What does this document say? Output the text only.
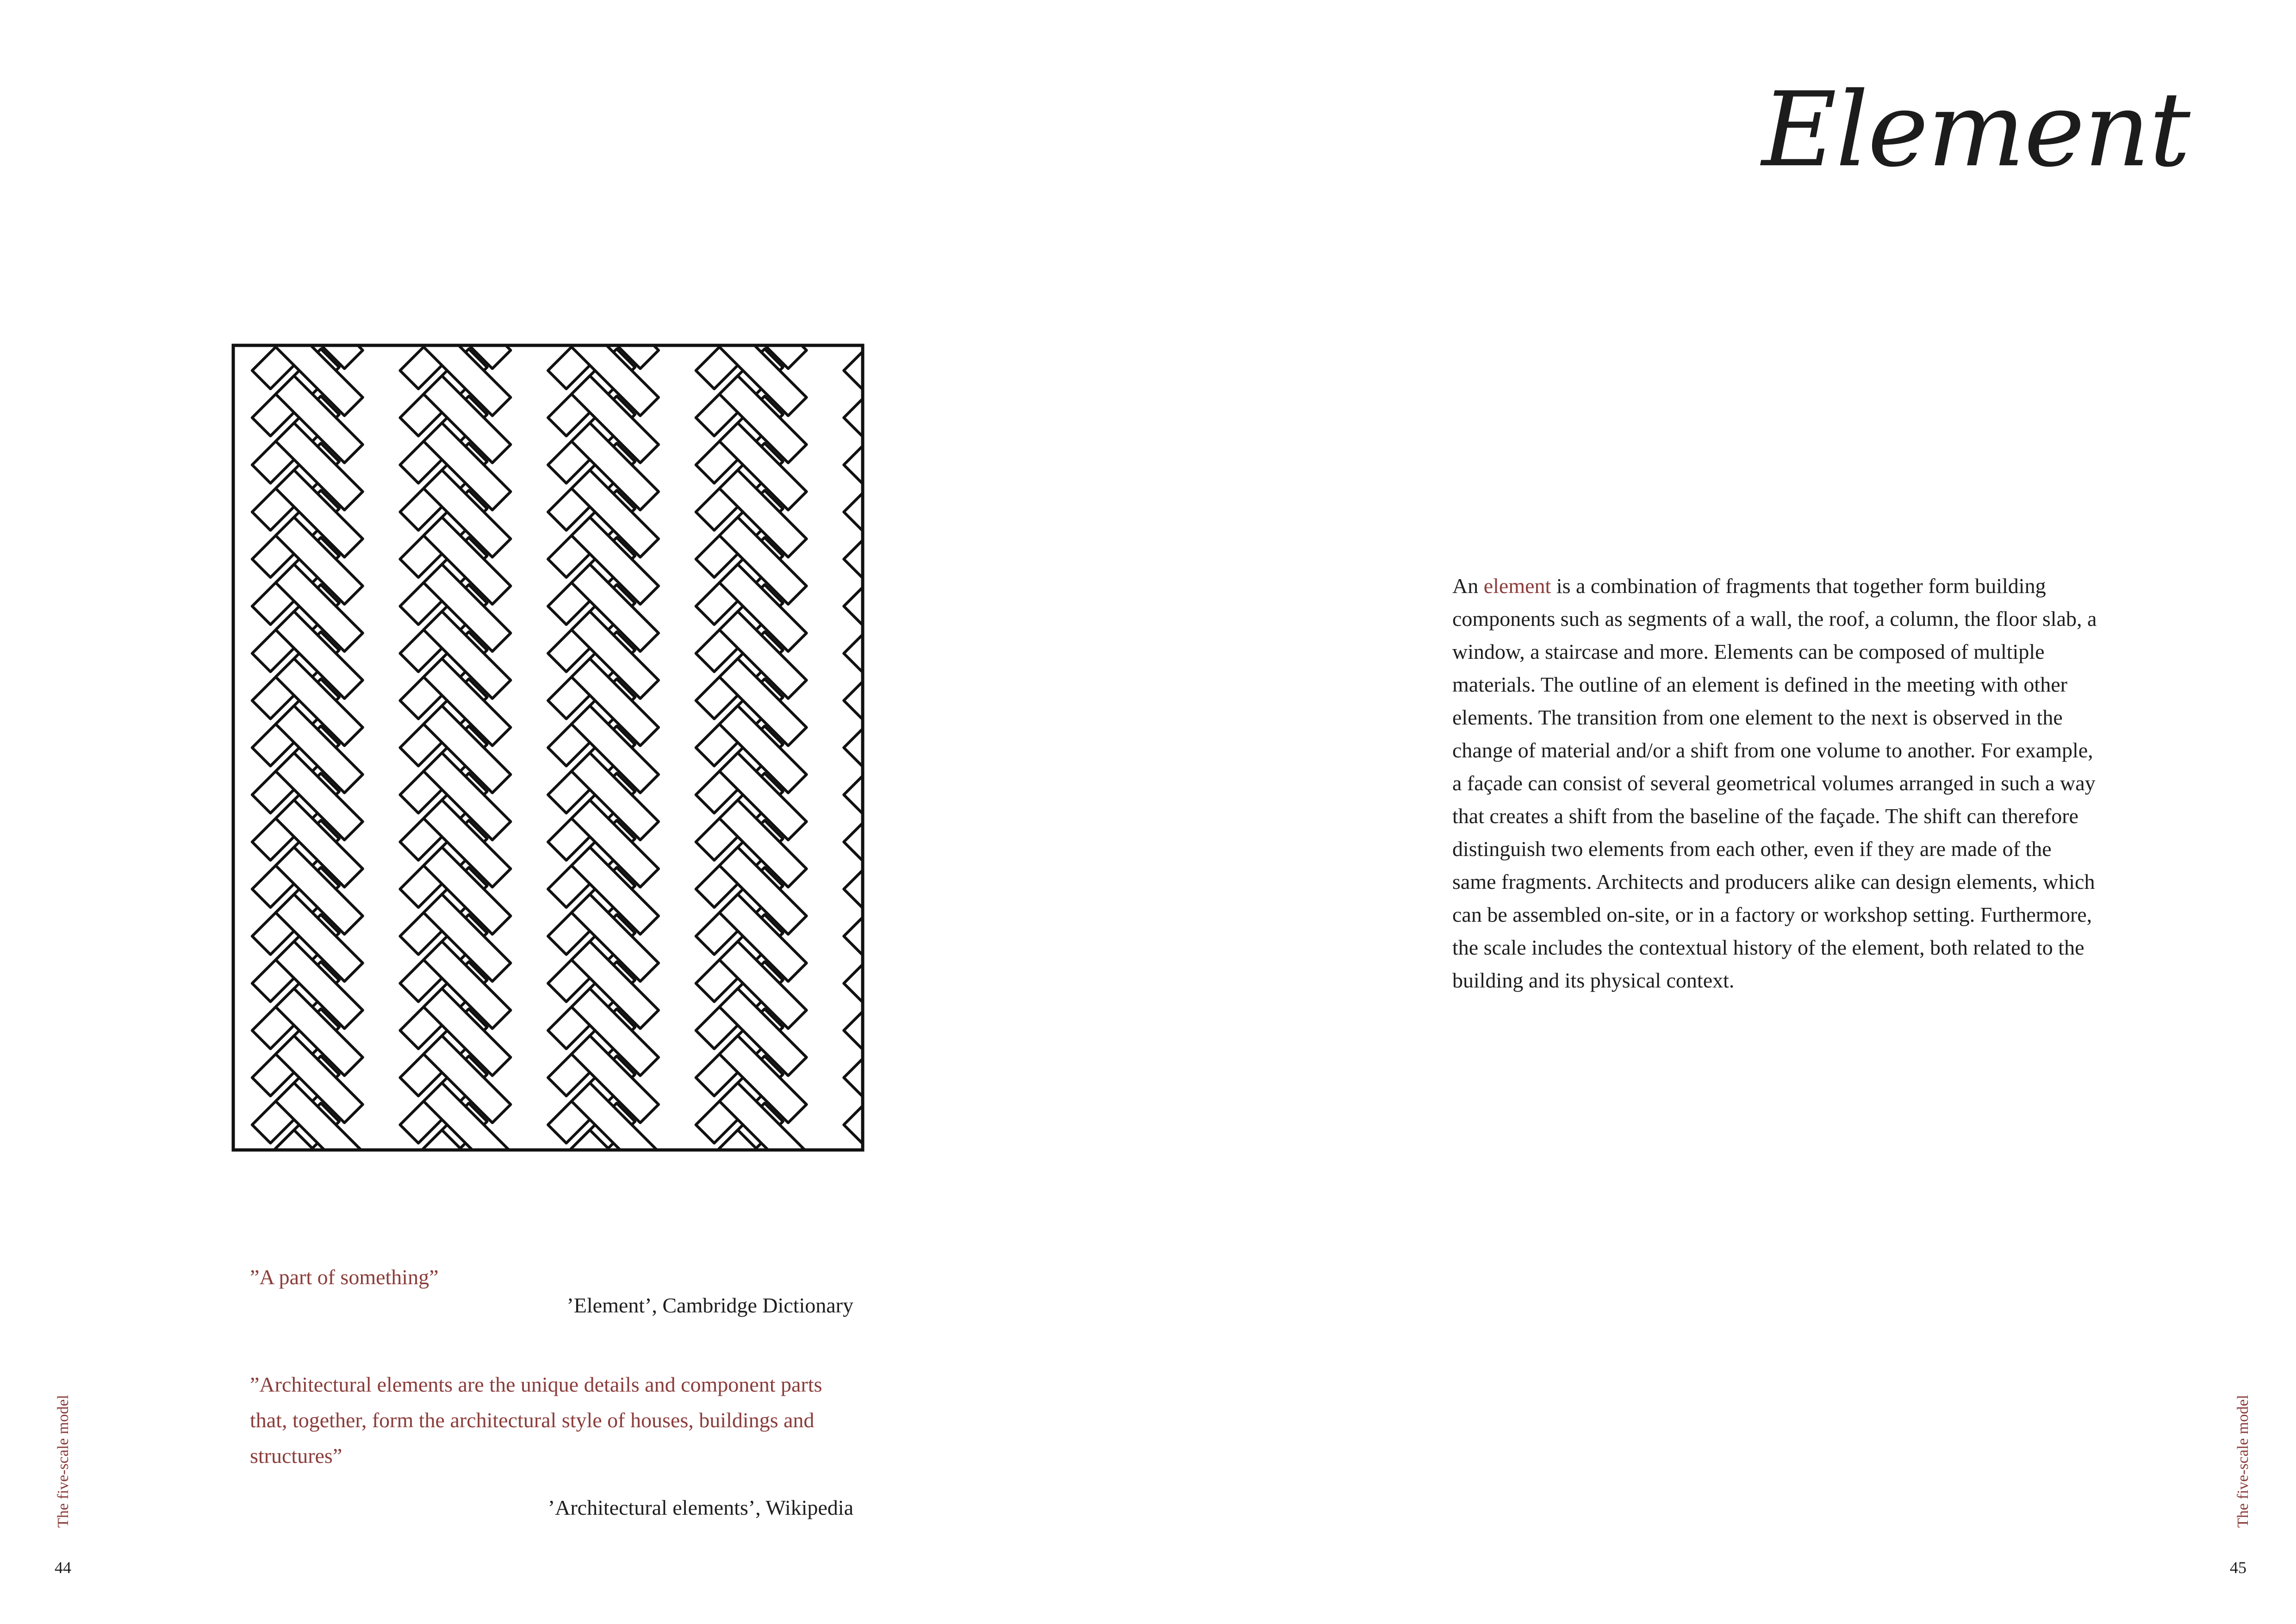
”A part of something”

’Element’, Cambridge Dictionary

”Architectural elements are the unique details and component parts that, together, form the architectural style of houses, buildings and structures”

’Architectural elements’, Wikipedia

The five-scale model
44
Element

An element is a combination of fragments that together form building components such as segments of a wall, the roof, a column, the floor slab, a window, a staircase and more. Elements can be composed of multiple materials. The outline of an element is defined in the meeting with other elements. The transition from one element to the next is observed in the change of material and/or a shift from one volume to another. For example, a façade can consist of several geometrical volumes arranged in such a way that creates a shift from the baseline of the façade. The shift can therefore distinguish two elements from each other, even if they are made of the same fragments. Architects and producers alike can design elements, which can be assembled on-site, or in a factory or workshop setting. Furthermore, the scale includes the contextual history of the element, both related to the building and its physical context.

The five-scale model
45
